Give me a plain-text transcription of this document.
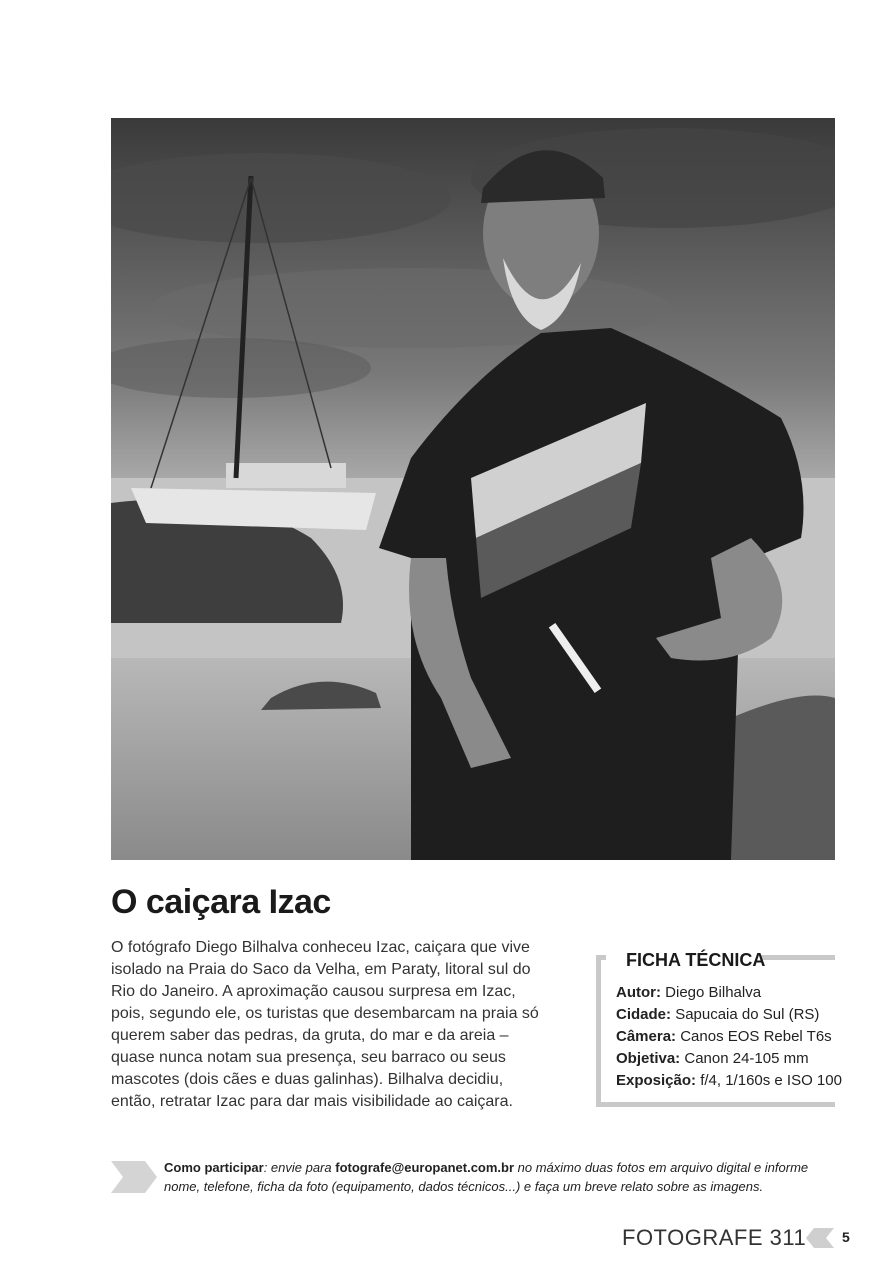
O caiçara Izac

O fotógrafo Diego Bilhalva conheceu Izac, caiçara que vive isolado na Praia do Saco da Velha, em Paraty, litoral sul do Rio do Janeiro. A aproximação causou surpresa em Izac, pois, segundo ele, os turistas que desembarcam na praia só querem saber das pedras, da gruta, do mar e da areia – quase nunca notam sua presença, seu barraco ou seus mascotes (dois cães e duas galinhas). Bilhalva decidiu, então, retratar Izac para dar mais visibilidade ao caiçara.

FICHA TÉCNICA
Autor: Diego Bilhalva
Cidade: Sapucaia do Sul (RS)
Câmera: Canos EOS Rebel T6s
Objetiva: Canon 24-105 mm
Exposição: f/4, 1/160s e ISO 100

Como participar: envie para fotografe@europanet.com.br no máximo duas fotos em arquivo digital e informe nome, telefone, ficha da foto (equipamento, dados técnicos...) e faça um breve relato sobre as imagens.

FOTOGRAFE 311	5
